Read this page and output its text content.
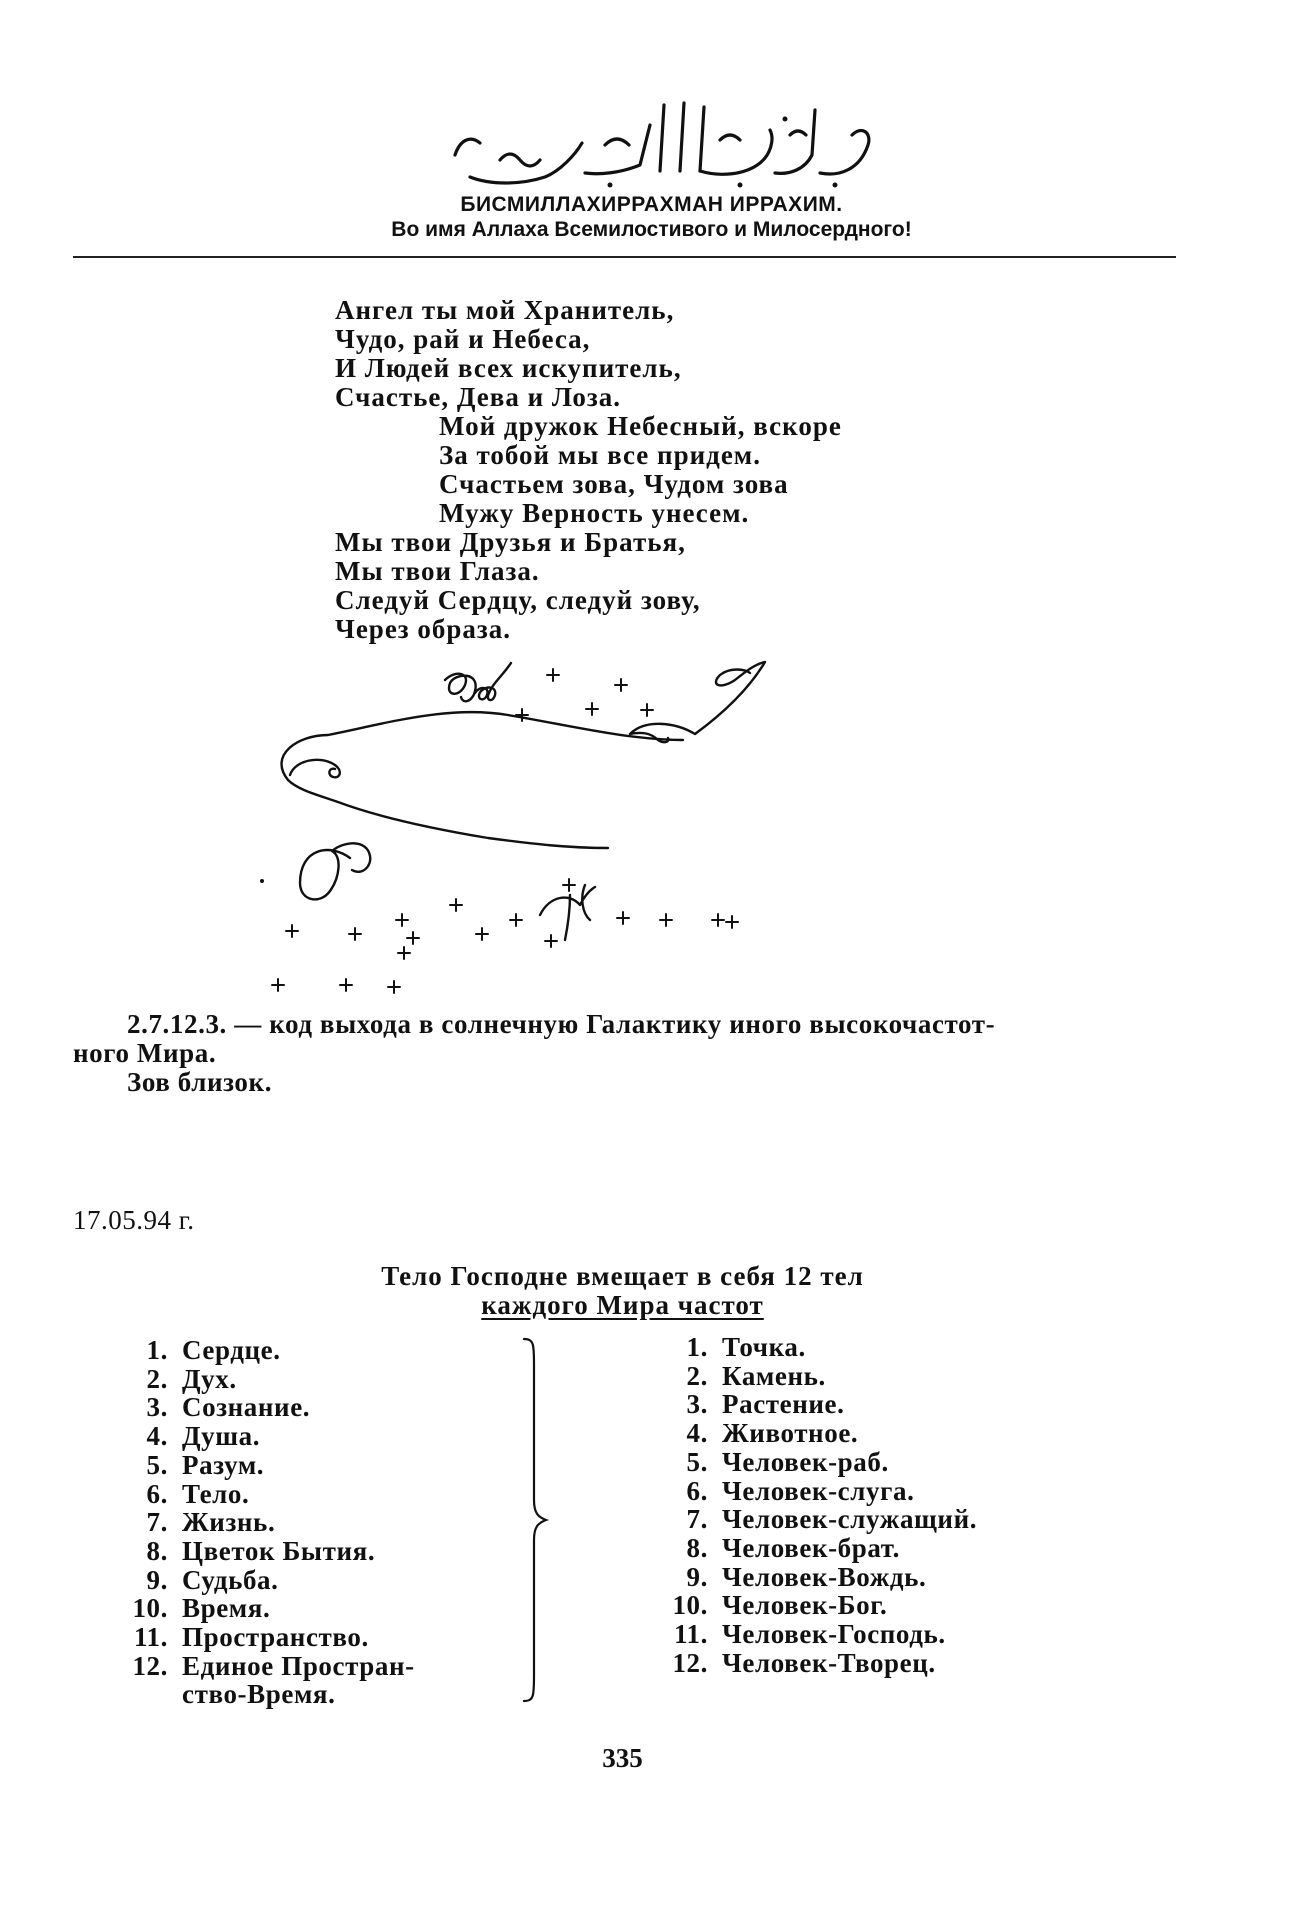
БИСМИЛЛАХИРРАХМАН ИРРАХИМ.
Во имя Аллаха Всемилостивого и Милосердного!
Ангел ты мой Хранитель,
Чудо, рай и Небеса,
И Людей всех искупитель,
Счастье, Дева и Лоза.
Мой дружок Небесный, вскоре
За тобой мы все придем.
Счастьем зова, Чудом зова
Мужу Верность унесем.
Мы твои Друзья и Братья,
Мы твои Глаза.
Следуй Сердцу, следуй зову,
Через образа.
2.7.12.3. — код выхода в солнечную Галактику иного высокочастот-
ного Мира.
Зов близок.
17.05.94 г.
Тело Господне вмещает в себя 12 тел
каждого Мира частот
1. Сердце.
2. Дух.
3. Сознание.
4. Душа.
5. Разум.
6. Тело.
7. Жизнь.
8. Цветок Бытия.
9. Судьба.
10. Время.
11. Пространство.
12. Единое Простран-
ство-Время.
1. Точка.
2. Камень.
3. Растение.
4. Животное.
5. Человек-раб.
6. Человек-слуга.
7. Человек-служащий.
8. Человек-брат.
9. Человек-Вождь.
10. Человек-Бог.
11. Человек-Господь.
12. Человек-Творец.
335
